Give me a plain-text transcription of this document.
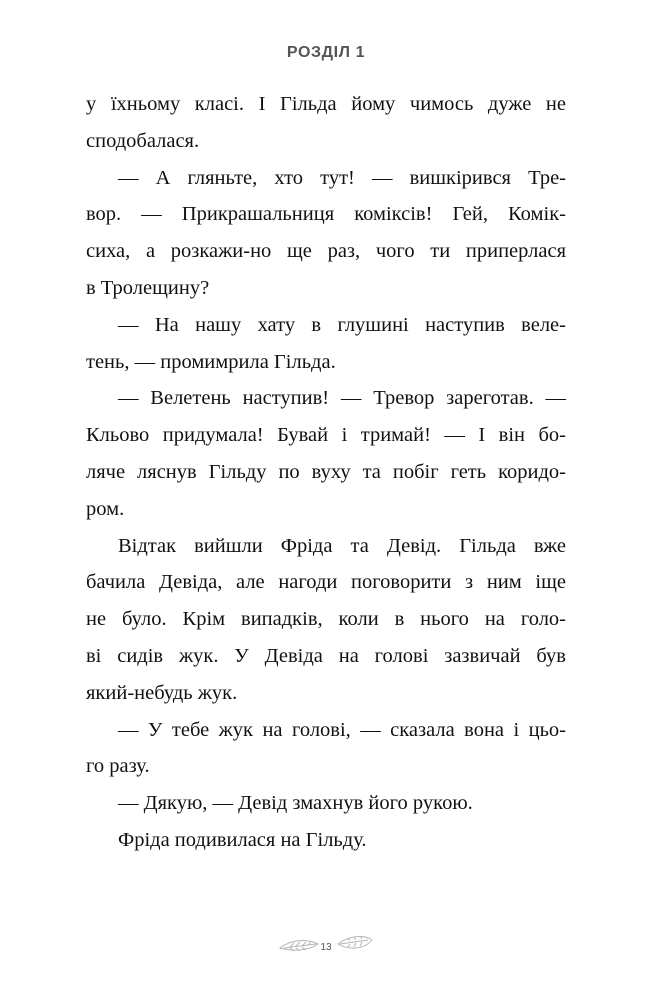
РОЗДІЛ 1
у їхньому класі. І Гільда йому чимось дуже не
сподобалася.
— А гляньте, хто тут! — вишкірився Тре-
вор. — Прикрашальниця коміксів! Гей, Комік-
сиха, а розкажи-но ще раз, чого ти приперлася
в Тролещину?
— На нашу хату в глушині наступив веле-
тень, — промимрила Гільда.
— Велетень наступив! — Тревор зареготав. —
Кльово придумала! Бувай і тримай! — І він бо-
ляче ляснув Гільду по вуху та побіг геть коридо-
ром.
Відтак вийшли Фріда та Девід. Гільда вже
бачила Девіда, але нагоди поговорити з ним іще
не було. Крім випадків, коли в нього на голо-
ві сидів жук. У Девіда на голові зазвичай був
який-небудь жук.
— У тебе жук на голові, — сказала вона і цьо-
го разу.
— Дякую, — Девід змахнув його рукою.
Фріда подивилася на Гільду.
13
